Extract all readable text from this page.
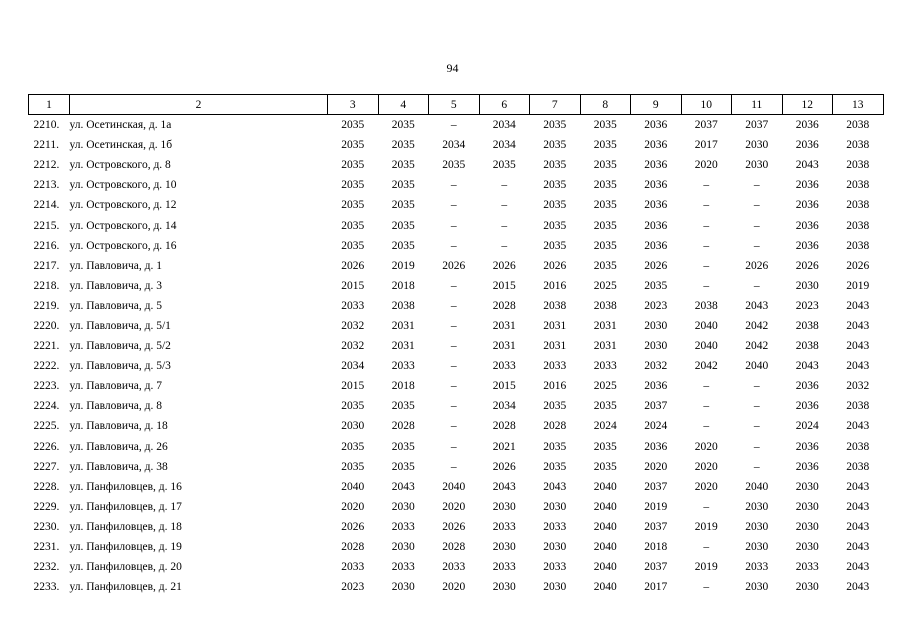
94
1	2	3	4	5	6	7	8	9	10	11	12	13
2210.	ул. Осетинская, д. 1а	2035	2035	–	2034	2035	2035	2036	2037	2037	2036	2038
2211.	ул. Осетинская, д. 1б	2035	2035	2034	2034	2035	2035	2036	2017	2030	2036	2038
2212.	ул. Островского, д. 8	2035	2035	2035	2035	2035	2035	2036	2020	2030	2043	2038
2213.	ул. Островского, д. 10	2035	2035	–	–	2035	2035	2036	–	–	2036	2038
2214.	ул. Островского, д. 12	2035	2035	–	–	2035	2035	2036	–	–	2036	2038
2215.	ул. Островского, д. 14	2035	2035	–	–	2035	2035	2036	–	–	2036	2038
2216.	ул. Островского, д. 16	2035	2035	–	–	2035	2035	2036	–	–	2036	2038
2217.	ул. Павловича, д. 1	2026	2019	2026	2026	2026	2035	2026	–	2026	2026	2026
2218.	ул. Павловича, д. 3	2015	2018	–	2015	2016	2025	2035	–	–	2030	2019
2219.	ул. Павловича, д. 5	2033	2038	–	2028	2038	2038	2023	2038	2043	2023	2043
2220.	ул. Павловича, д. 5/1	2032	2031	–	2031	2031	2031	2030	2040	2042	2038	2043
2221.	ул. Павловича, д. 5/2	2032	2031	–	2031	2031	2031	2030	2040	2042	2038	2043
2222.	ул. Павловича, д. 5/3	2034	2033	–	2033	2033	2033	2032	2042	2040	2043	2043
2223.	ул. Павловича, д. 7	2015	2018	–	2015	2016	2025	2036	–	–	2036	2032
2224.	ул. Павловича, д. 8	2035	2035	–	2034	2035	2035	2037	–	–	2036	2038
2225.	ул. Павловича, д. 18	2030	2028	–	2028	2028	2024	2024	–	–	2024	2043
2226.	ул. Павловича, д. 26	2035	2035	–	2021	2035	2035	2036	2020	–	2036	2038
2227.	ул. Павловича, д. 38	2035	2035	–	2026	2035	2035	2020	2020	–	2036	2038
2228.	ул. Панфиловцев, д. 16	2040	2043	2040	2043	2043	2040	2037	2020	2040	2030	2043
2229.	ул. Панфиловцев, д. 17	2020	2030	2020	2030	2030	2040	2019	–	2030	2030	2043
2230.	ул. Панфиловцев, д. 18	2026	2033	2026	2033	2033	2040	2037	2019	2030	2030	2043
2231.	ул. Панфиловцев, д. 19	2028	2030	2028	2030	2030	2040	2018	–	2030	2030	2043
2232.	ул. Панфиловцев, д. 20	2033	2033	2033	2033	2033	2040	2037	2019	2033	2033	2043
2233.	ул. Панфиловцев, д. 21	2023	2030	2020	2030	2030	2040	2017	–	2030	2030	2043
